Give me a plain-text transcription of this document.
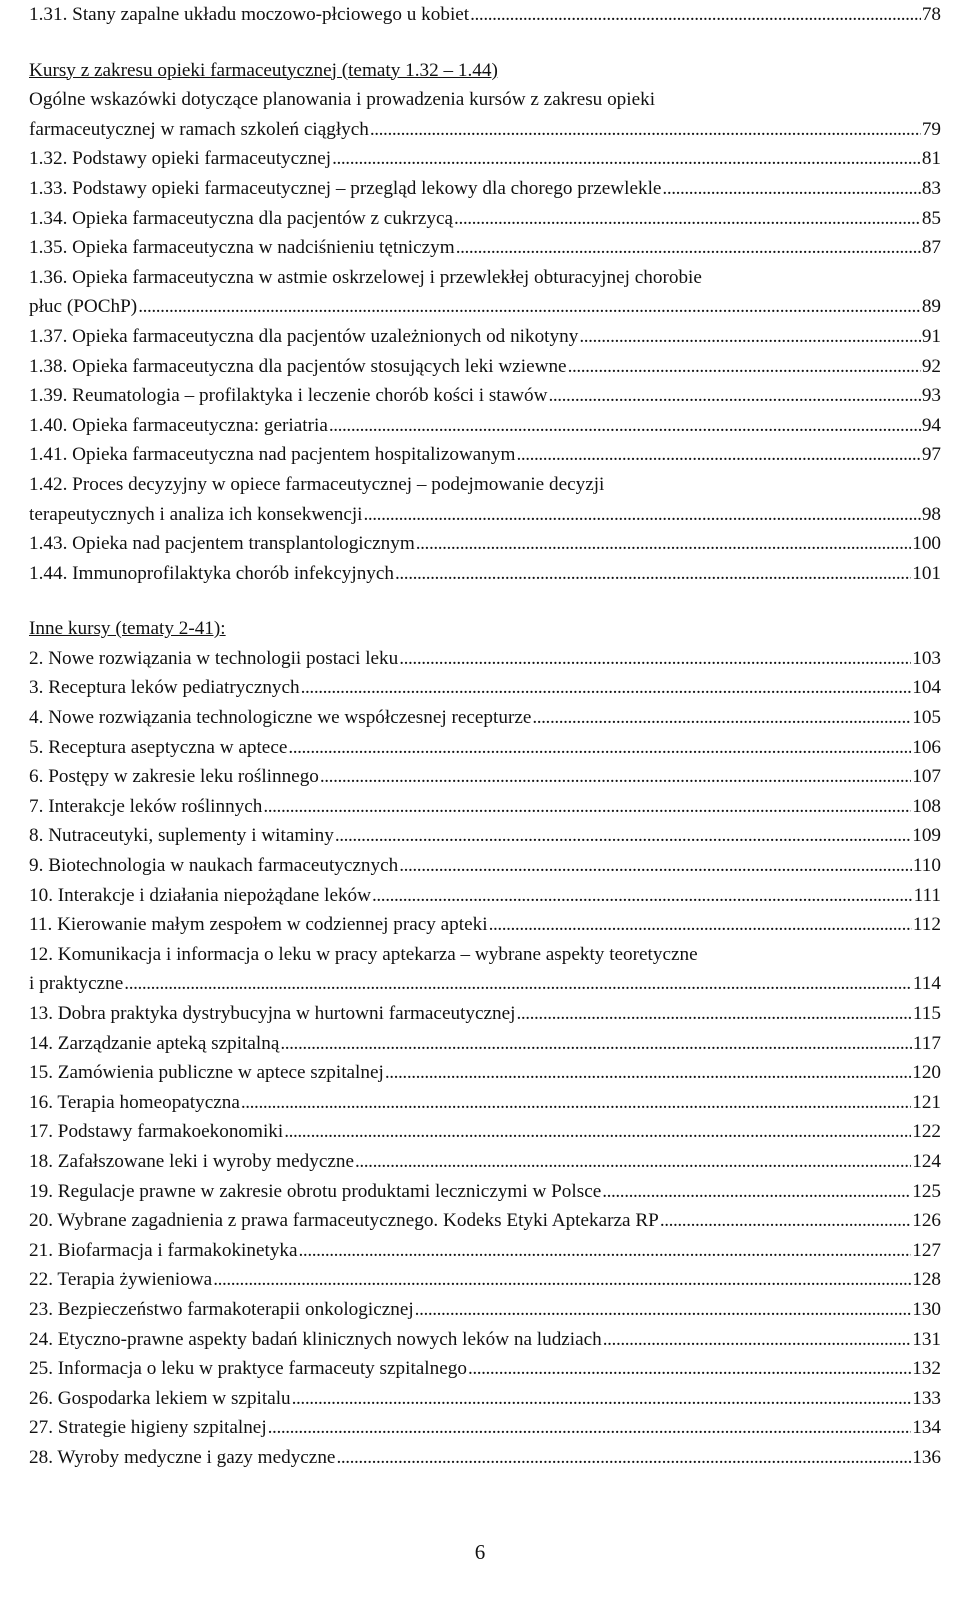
1.31. Stany zapalne układu moczowo-płciowego u kobiet . . .	78
Kursy z zakresu opieki farmaceutycznej (tematy 1.32 – 1.44)
Ogólne wskazówki dotyczące planowania i prowadzenia kursów z zakresu opieki
farmaceutycznej w ramach szkoleń ciągłych . . .	79
1.32. Podstawy opieki farmaceutycznej . . .	81
1.33. Podstawy opieki farmaceutycznej – przegląd lekowy dla chorego przewlekle . . .	83
1.34. Opieka farmaceutyczna dla pacjentów z cukrzycą . . .	85
1.35. Opieka farmaceutyczna w nadciśnieniu tętniczym . . .	87
1.36. Opieka farmaceutyczna w astmie oskrzelowej i przewlekłej obturacyjnej chorobie
płuc (POChP) . . .	89
1.37. Opieka farmaceutyczna dla pacjentów uzależnionych od nikotyny . . .	91
1.38. Opieka farmaceutyczna dla pacjentów stosujących leki wziewne . . .	92
1.39. Reumatologia – profilaktyka i leczenie chorób kości i stawów . . .	93
1.40. Opieka farmaceutyczna: geriatria . . .	94
1.41. Opieka farmaceutyczna nad pacjentem hospitalizowanym . . .	97
1.42. Proces decyzyjny w opiece farmaceutycznej – podejmowanie decyzji
terapeutycznych i analiza ich konsekwencji . . .	98
1.43. Opieka nad pacjentem transplantologicznym . . .	100
1.44. Immunoprofilaktyka chorób infekcyjnych . . .	101
Inne kursy (tematy 2-41):
2. Nowe rozwiązania w technologii postaci leku . . .	103
3. Receptura leków pediatrycznych . . .	104
4. Nowe rozwiązania technologiczne we współczesnej recepturze . . .	105
5. Receptura aseptyczna w aptece . . .	106
6. Postępy w zakresie leku roślinnego . . .	107
7. Interakcje leków roślinnych . . .	108
8. Nutraceutyki, suplementy i witaminy . . .	109
9. Biotechnologia w naukach farmaceutycznych . . .	110
10. Interakcje i działania niepożądane leków . . .	111
11. Kierowanie małym zespołem w codziennej pracy apteki . . .	112
12. Komunikacja i informacja o leku w pracy aptekarza – wybrane aspekty teoretyczne
i praktyczne . . .	114
13. Dobra praktyka dystrybucyjna w hurtowni farmaceutycznej . . .	115
14. Zarządzanie apteką szpitalną . . .	117
15. Zamówienia publiczne w aptece szpitalnej . . .	120
16. Terapia homeopatyczna . . .	121
17. Podstawy farmakoekonomiki . . .	122
18. Zafałszowane leki i wyroby medyczne . . .	124
19. Regulacje prawne w zakresie obrotu produktami leczniczymi w Polsce . . .	125
20. Wybrane zagadnienia z prawa farmaceutycznego. Kodeks Etyki Aptekarza RP . . .	126
21. Biofarmacja i farmakokinetyka . . .	127
22. Terapia żywieniowa . . .	128
23. Bezpieczeństwo farmakoterapii onkologicznej . . .	130
24. Etyczno-prawne aspekty badań klinicznych nowych leków na ludziach . . .	131
25. Informacja o leku w praktyce farmaceuty szpitalnego . . .	132
26. Gospodarka lekiem w szpitalu . . .	133
27. Strategie higieny szpitalnej . . .	134
28. Wyroby medyczne i gazy medyczne . . .	136
6
